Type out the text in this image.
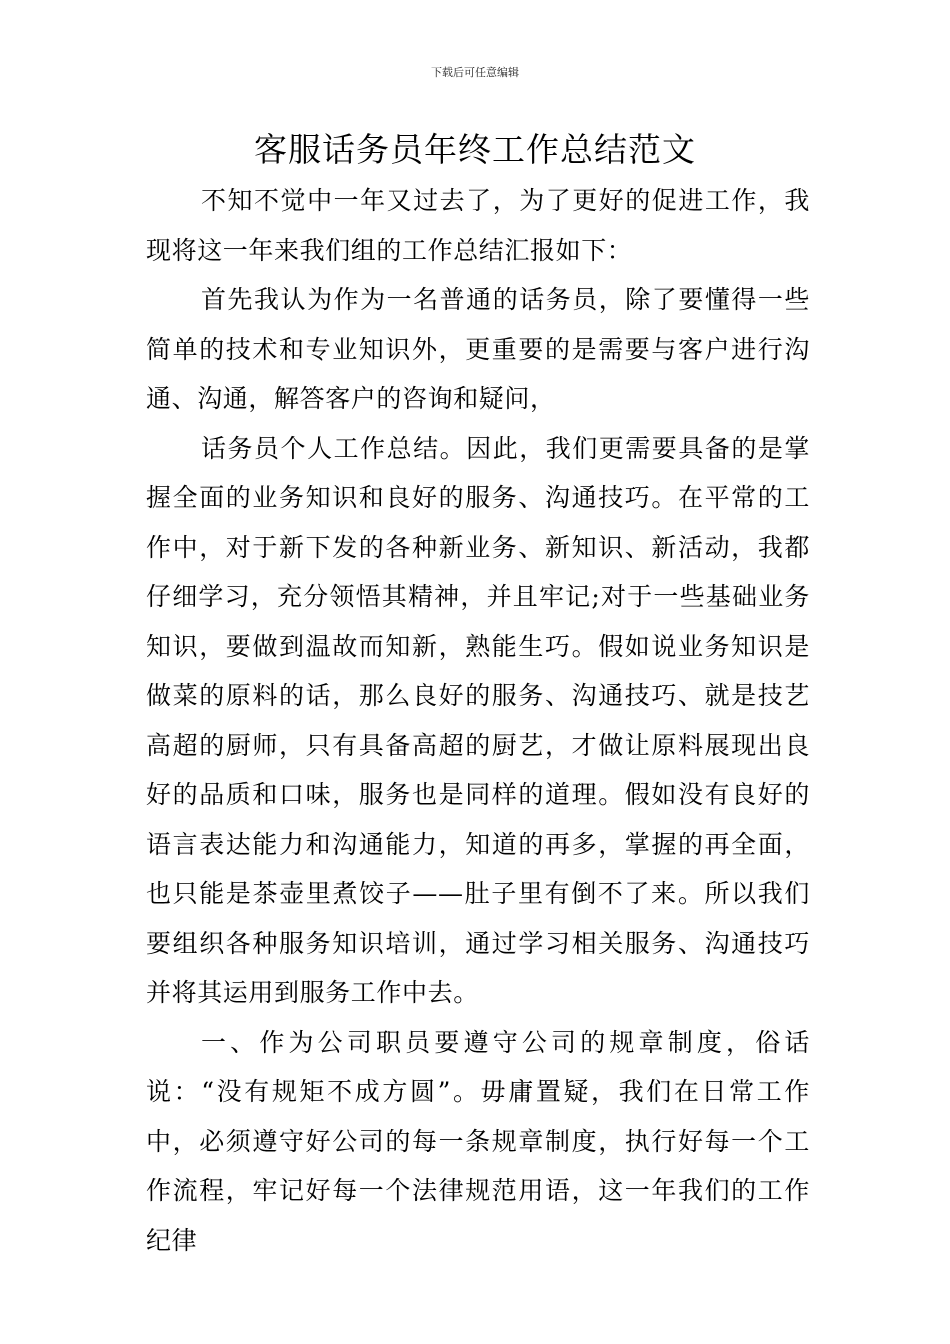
下载后可任意编辑
客服话务员年终工作总结范文

不知不觉中一年又过去了，为了更好的促进工作，我现将这一年来我们组的工作总结汇报如下：

首先我认为作为一名普通的话务员，除了要懂得一些简单的技术和专业知识外，更重要的是需要与客户进行沟通、沟通，解答客户的咨询和疑问，

话务员个人工作总结。因此，我们更需要具备的是掌握全面的业务知识和良好的服务、沟通技巧。在平常的工作中，对于新下发的各种新业务、新知识、新活动，我都仔细学习，充分领悟其精神，并且牢记;对于一些基础业务知识，要做到温故而知新，熟能生巧。假如说业务知识是做菜的原料的话，那么良好的服务、沟通技巧、就是技艺高超的厨师，只有具备高超的厨艺，才做让原料展现出良好的品质和口味，服务也是同样的道理。假如没有良好的语言表达能力和沟通能力，知道的再多，掌握的再全面，也只能是茶壶里煮饺子——肚子里有倒不了来。所以我们要组织各种服务知识培训，通过学习相关服务、沟通技巧并将其运用到服务工作中去。

一、作为公司职员要遵守公司的规章制度，俗话说：“没有规矩不成方圆”。毋庸置疑，我们在日常工作中，必须遵守好公司的每一条规章制度，执行好每一个工作流程，牢记好每一个法律规范用语，这一年我们的工作纪律
